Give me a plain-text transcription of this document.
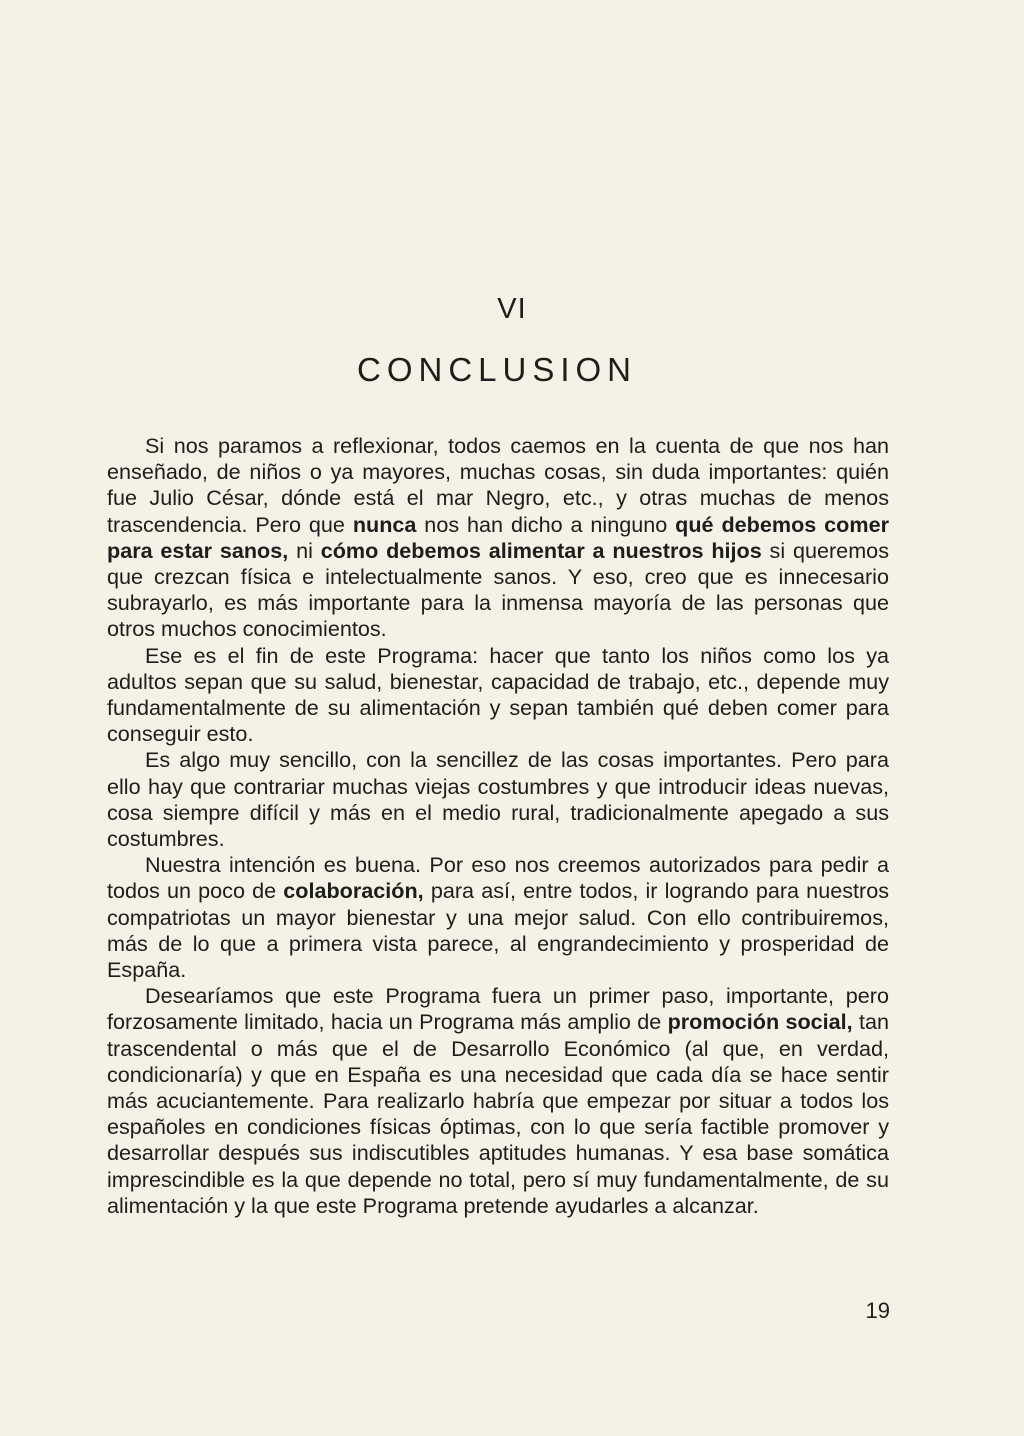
VI
CONCLUSION

Si nos paramos a reflexionar, todos caemos en la cuenta de que nos han enseñado, de niños o ya mayores, muchas cosas, sin duda importantes: quién fue Julio César, dónde está el mar Negro, etc., y otras muchas de menos trascendencia. Pero que nunca nos han dicho a ninguno qué debemos comer para estar sanos, ni cómo debemos alimentar a nuestros hijos si queremos que crezcan física e intelectualmente sanos. Y eso, creo que es innecesario subrayarlo, es más importante para la inmensa mayoría de las personas que otros muchos conocimientos.

Ese es el fin de este Programa: hacer que tanto los niños como los ya adultos sepan que su salud, bienestar, capacidad de trabajo, etc., depende muy fundamentalmente de su alimentación y sepan también qué deben comer para conseguir esto.

Es algo muy sencillo, con la sencillez de las cosas importantes. Pero para ello hay que contrariar muchas viejas costumbres y que introducir ideas nuevas, cosa siempre difícil y más en el medio rural, tradicionalmente apegado a sus costumbres.

Nuestra intención es buena. Por eso nos creemos autorizados para pedir a todos un poco de colaboración, para así, entre todos, ir logrando para nuestros compatriotas un mayor bienestar y una mejor salud. Con ello contribuiremos, más de lo que a primera vista parece, al engrandecimiento y prosperidad de España.

Desearíamos que este Programa fuera un primer paso, importante, pero forzosamente limitado, hacia un Programa más amplio de promoción social, tan trascendental o más que el de Desarrollo Económico (al que, en verdad, condicionaría) y que en España es una necesidad que cada día se hace sentir más acuciantemente. Para realizarlo habría que empezar por situar a todos los españoles en condiciones físicas óptimas, con lo que sería factible promover y desarrollar después sus indiscutibles aptitudes humanas. Y esa base somática imprescindible es la que depende no total, pero sí muy fundamentalmente, de su alimentación y la que este Programa pretende ayudarles a alcanzar.

19
